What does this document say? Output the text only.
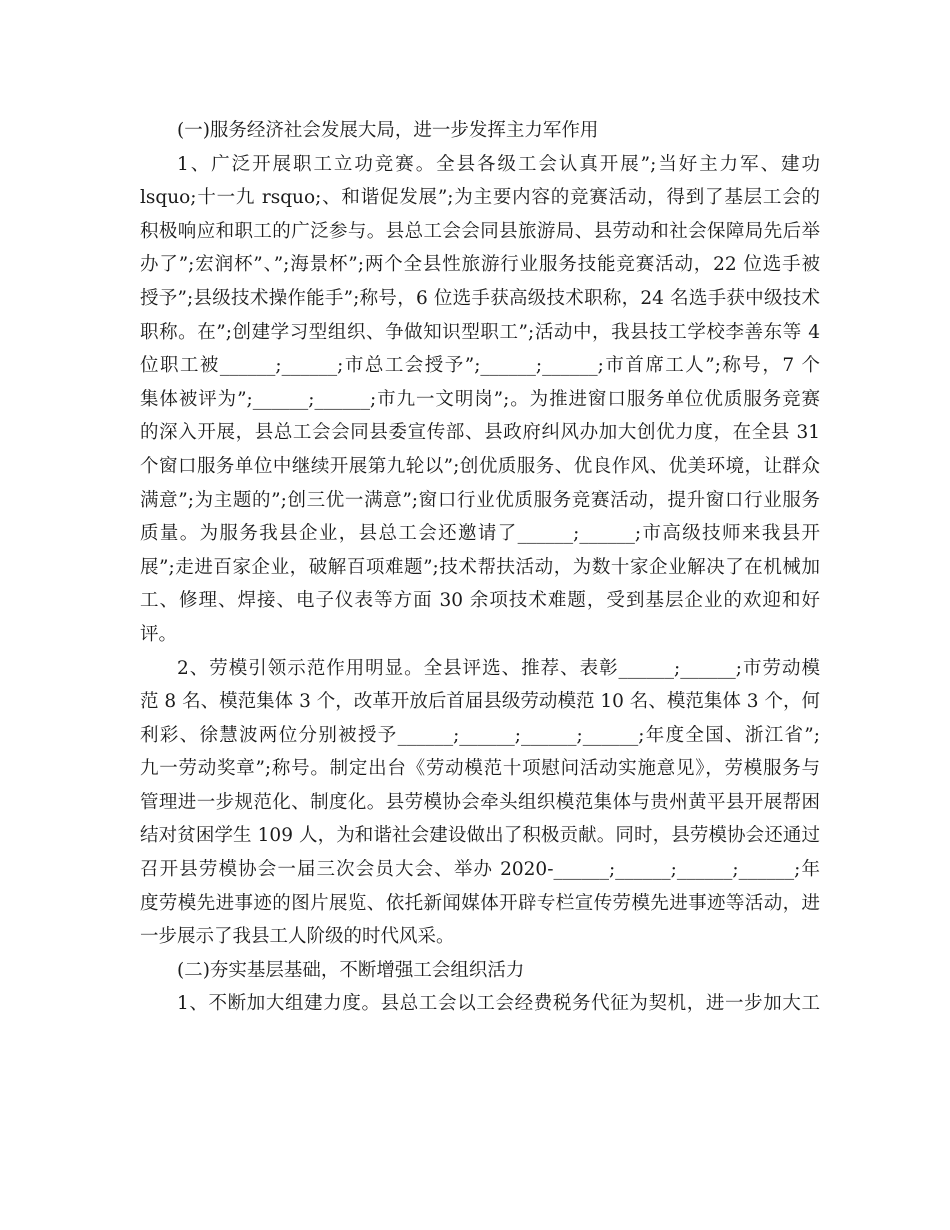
(一)服务经济社会发展大局，进一步发挥主力军作用
1、广泛开展职工立功竞赛。全县各级工会认真开展”;当好主力军、建功
lsquo;十一九 rsquo;、和谐促发展”;为主要内容的竞赛活动，得到了基层工会的
积极响应和职工的广泛参与。县总工会会同县旅游局、县劳动和社会保障局先后举
办了”;宏润杯”、”;海景杯”;两个全县性旅游行业服务技能竞赛活动，22 位选手被
授予”;县级技术操作能手”;称号，6 位选手获高级技术职称，24 名选手获中级技术
职称。在”;创建学习型组织、争做知识型职工”;活动中，我县技工学校李善东等 4
位职工被______;______;市总工会授予”;______;______;市首席工人”;称号，7 个
集体被评为”;______;______;市九一文明岗”;。为推进窗口服务单位优质服务竞赛
的深入开展，县总工会会同县委宣传部、县政府纠风办加大创优力度，在全县 31
个窗口服务单位中继续开展第九轮以”;创优质服务、优良作风、优美环境，让群众
满意”;为主题的”;创三优一满意”;窗口行业优质服务竞赛活动，提升窗口行业服务
质量。为服务我县企业，县总工会还邀请了______;______;市高级技师来我县开
展”;走进百家企业，破解百项难题”;技术帮扶活动，为数十家企业解决了在机械加
工、修理、焊接、电子仪表等方面 30 余项技术难题，受到基层企业的欢迎和好
评。
2、劳模引领示范作用明显。全县评选、推荐、表彰______;______;市劳动模
范 8 名、模范集体 3 个，改革开放后首届县级劳动模范 10 名、模范集体 3 个，何
利彩、徐慧波两位分别被授予______;______;______;______;年度全国、浙江省”;
九一劳动奖章”;称号。制定出台《劳动模范十项慰问活动实施意见》，劳模服务与
管理进一步规范化、制度化。县劳模协会牵头组织模范集体与贵州黄平县开展帮困
结对贫困学生 109 人，为和谐社会建设做出了积极贡献。同时，县劳模协会还通过
召开县劳模协会一届三次会员大会、举办 2020-______;______;______;______;年
度劳模先进事迹的图片展览、依托新闻媒体开辟专栏宣传劳模先进事迹等活动，进
一步展示了我县工人阶级的时代风采。
(二)夯实基层基础，不断增强工会组织活力
1、不断加大组建力度。县总工会以工会经费税务代征为契机，进一步加大工
